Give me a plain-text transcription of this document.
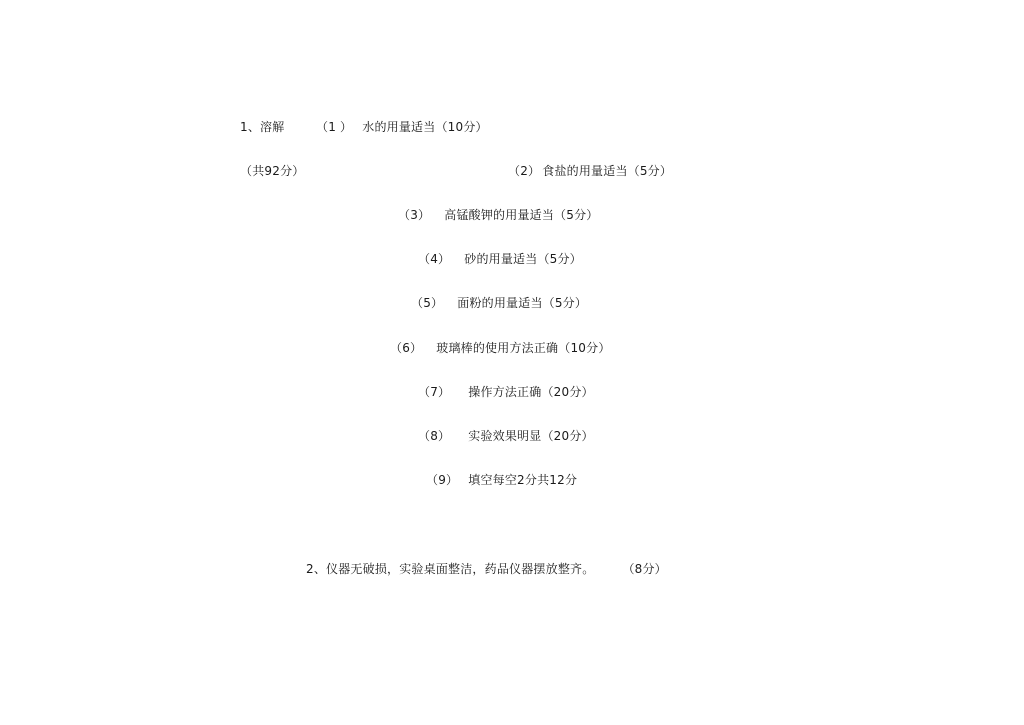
1、溶解	（1 ） 水的用量适当（10分）
（共92分）	（2） 食盐的用量适当（5分）
（3） 高锰酸钾的用量适当（5分）
（4） 砂的用量适当（5分）
（5） 面粉的用量适当（5分）
（6） 玻璃棒的使用方法正确（10分）
（7） 操作方法正确（20分）
（8） 实验效果明显（20分）
（9） 填空每空2分共12分
2、仪器无破损，实验桌面整洁，药品仪器摆放整齐。 （8分）
